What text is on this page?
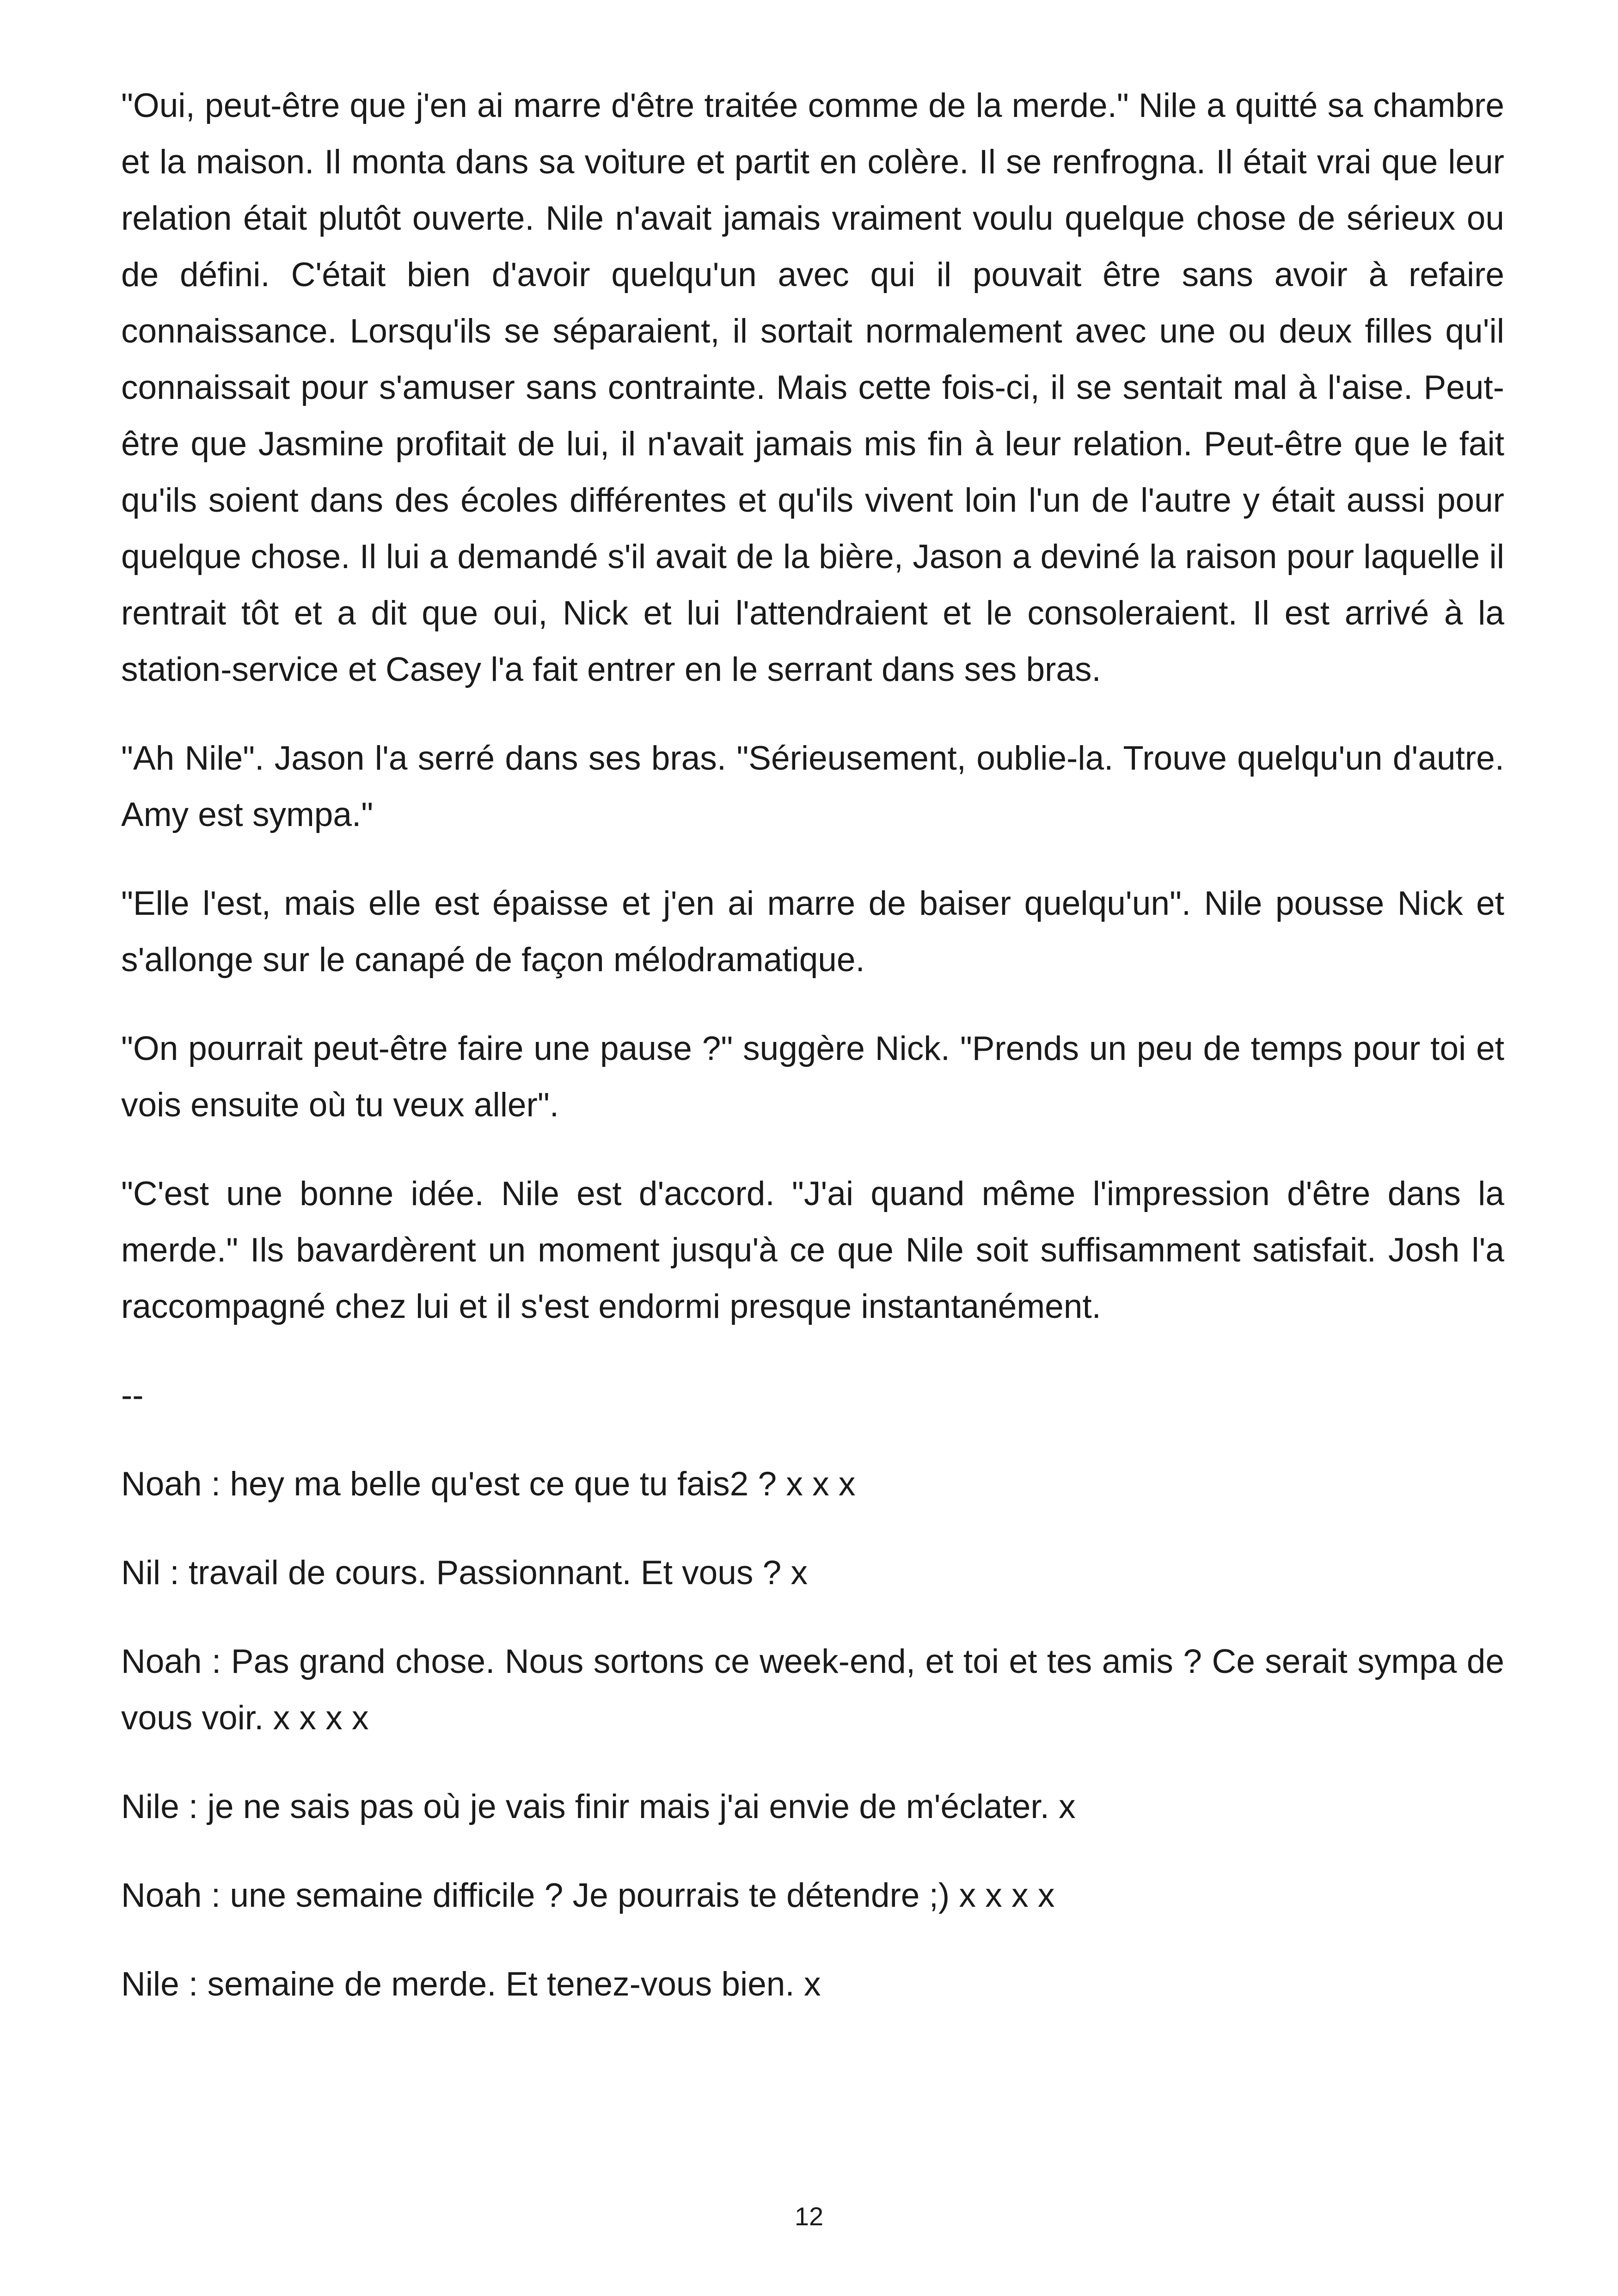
"Oui, peut-être que j'en ai marre d'être traitée comme de la merde." Nile a quitté sa chambre et la maison. Il monta dans sa voiture et partit en colère. Il se renfrogna. Il était vrai que leur relation était plutôt ouverte. Nile n'avait jamais vraiment voulu quelque chose de sérieux ou de défini. C'était bien d'avoir quelqu'un avec qui il pouvait être sans avoir à refaire connaissance. Lorsqu'ils se séparaient, il sortait normalement avec une ou deux filles qu'il connaissait pour s'amuser sans contrainte. Mais cette fois-ci, il se sentait mal à l'aise. Peut-être que Jasmine profitait de lui, il n'avait jamais mis fin à leur relation. Peut-être que le fait qu'ils soient dans des écoles différentes et qu'ils vivent loin l'un de l'autre y était aussi pour quelque chose. Il lui a demandé s'il avait de la bière, Jason a deviné la raison pour laquelle il rentrait tôt et a dit que oui, Nick et lui l'attendraient et le consoleraient. Il est arrivé à la station-service et Casey l'a fait entrer en le serrant dans ses bras.

"Ah Nile". Jason l'a serré dans ses bras. "Sérieusement, oublie-la. Trouve quelqu'un d'autre. Amy est sympa."

"Elle l'est, mais elle est épaisse et j'en ai marre de baiser quelqu'un". Nile pousse Nick et s'allonge sur le canapé de façon mélodramatique.

"On pourrait peut-être faire une pause ?" suggère Nick. "Prends un peu de temps pour toi et vois ensuite où tu veux aller".

"C'est une bonne idée. Nile est d'accord. "J'ai quand même l'impression d'être dans la merde." Ils bavardèrent un moment jusqu'à ce que Nile soit suffisamment satisfait. Josh l'a raccompagné chez lui et il s'est endormi presque instantanément.

--

Noah : hey ma belle qu'est ce que tu fais2 ? x x x

Nil : travail de cours. Passionnant. Et vous ? x

Noah : Pas grand chose. Nous sortons ce week-end, et toi et tes amis ? Ce serait sympa de vous voir. x x x x

Nile : je ne sais pas où je vais finir mais j'ai envie de m'éclater. x

Noah : une semaine difficile ? Je pourrais te détendre ;) x x x x

Nile : semaine de merde. Et tenez-vous bien. x

12
